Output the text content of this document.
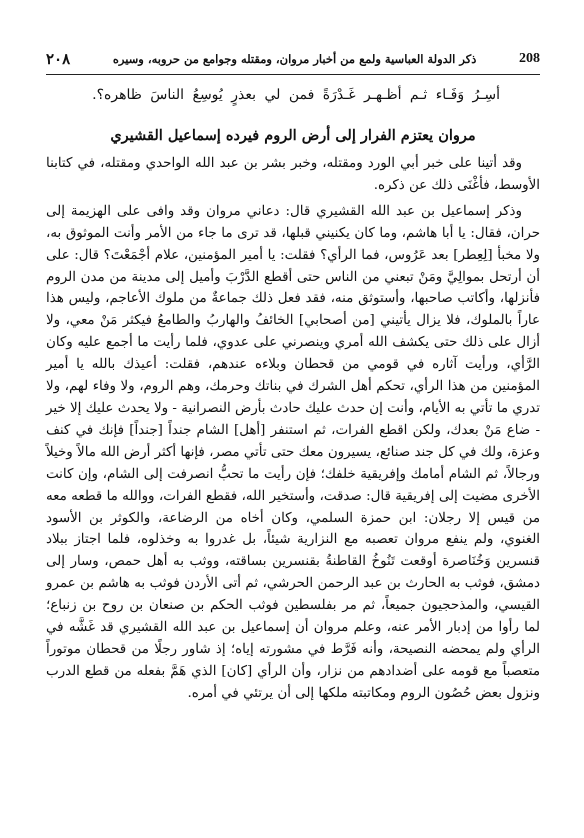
٢٠٨	ذكر الدولة العباسية ولمع من أخبار مروان، ومقتله وجوامع من حروبه، وسيره	208
أسِـرُ وَفَـاء ثـم أظـهـر غَـدْرَةً فمن لي بعذرٍ يُوسِعُ الناسَ ظاهره؟.
مروان يعتزم الفرار إلى أرض الروم فيرده إسماعيل القشيري

وقد أتينا على خبر أبي الورد ومقتله، وخبر بشر بن عبد الله الواحدي ومقتله، في كتابنا الأوسط، فأغْنَى ذلك عن ذكره.

وذكر إسماعيل بن عبد الله القشيري قال: دعاني مروان وقد وافى على الهزيمة إلى حران، فقال: يا أبا هاشم، وما كان يكنيني قبلها، قد ترى ما جاء من الأمر وأنت الموثوق به، ولا مخبأ [لِعِطر] بعد عَرُوس، فما الرأي؟ فقلت: يا أمير المؤمنين، علام أجْمَعْتَ؟ قال: على أن أرتحل بموالِيَّ ومَنْ تبعني من الناس حتى أقطع الدَّرْبَ وأميل إلى مدينة من مدن الروم فأنزلها، وأكاتب صاحبها، وأستوثق منه، فقد فعل ذلك جماعةٌ من ملوك الأعاجم، وليس هذا عاراً بالملوك، فلا يزال يأتيني [من أصحابي] الخائفُ والهاربُ والطامعُ فيكثر مَنْ معي، ولا أزال على ذلك حتى يكشف الله أمري وينصرني على عدوي، فلما رأيت ما أجمع عليه وكان الرَّأي، ورأيت آثاره في قومي من قحطان وبلاءه عندهم، فقلت: أعيذك بالله يا أمير المؤمنين من هذا الرأي، تحكم أهل الشرك في بناتك وحرمك، وهم الروم، ولا وفاء لهم، ولا تدري ما تأتي به الأيام، وأنت إن حدث عليك حادث بأرض النصرانية - ولا يحدث عليك إلا خير - ضاع مَنْ بعدك، ولكن اقطع الفرات، ثم استنفر [أهل] الشام جنداً [جنداً] فإنك في كنف وعزة، ولك في كل جند صنائع، يسيرون معك حتى تأتي مصر، فإنها أكثر أرض الله مالاً وخيلاً ورجالاً، ثم الشام أمامك وإفريقية خلفك؛ فإن رأيت ما تحبُّ انصرفت إلى الشام، وإن كانت الأخرى مضيت إلى إفريقية قال: صدقت، وأستخير الله، فقطع الفرات، ووالله ما قطعه معه من قيس إلا رجلان: ابن حمزة السلمي، وكان أخاه من الرضاعة، والكوثر بن الأسود الغنوي، ولم ينفع مروان تعصبه مع النزارية شيئاً، بل غدروا به وخذلوه، فلما اجتاز ببلاد قنسرين وَخُنَاصرة أوقعت تَنُوخُ القاطنةُ بقنسرين بساقته، ووثب به أهل حمص، وسار إلى دمشق، فوثب به الحارث بن عبد الرحمن الحرشي، ثم أتى الأردن فوثب به هاشم بن عمرو القيسي، والمذحجيون جميعاً، ثم مر بفلسطين فوثب الحكم بن صنعان بن روح بن زنباع؛ لما رأوا من إدبار الأمر عنه، وعلم مروان أن إسماعيل بن عبد الله القشيري قد غَشَّه في الرأي ولم يمحضه النصيحة، وأنه فَرَّط في مشورته إياه؛ إذ شاور رجلًا من قحطان موتوراً متعصباً مع قومه على أضدادهم من نزار، وأن الرأي [كان] الذي هَمَّ بفعله من قطع الدرب ونزول بعض حُصُون الروم ومكاتبته ملكها إلى أن يرتئي في أمره.
